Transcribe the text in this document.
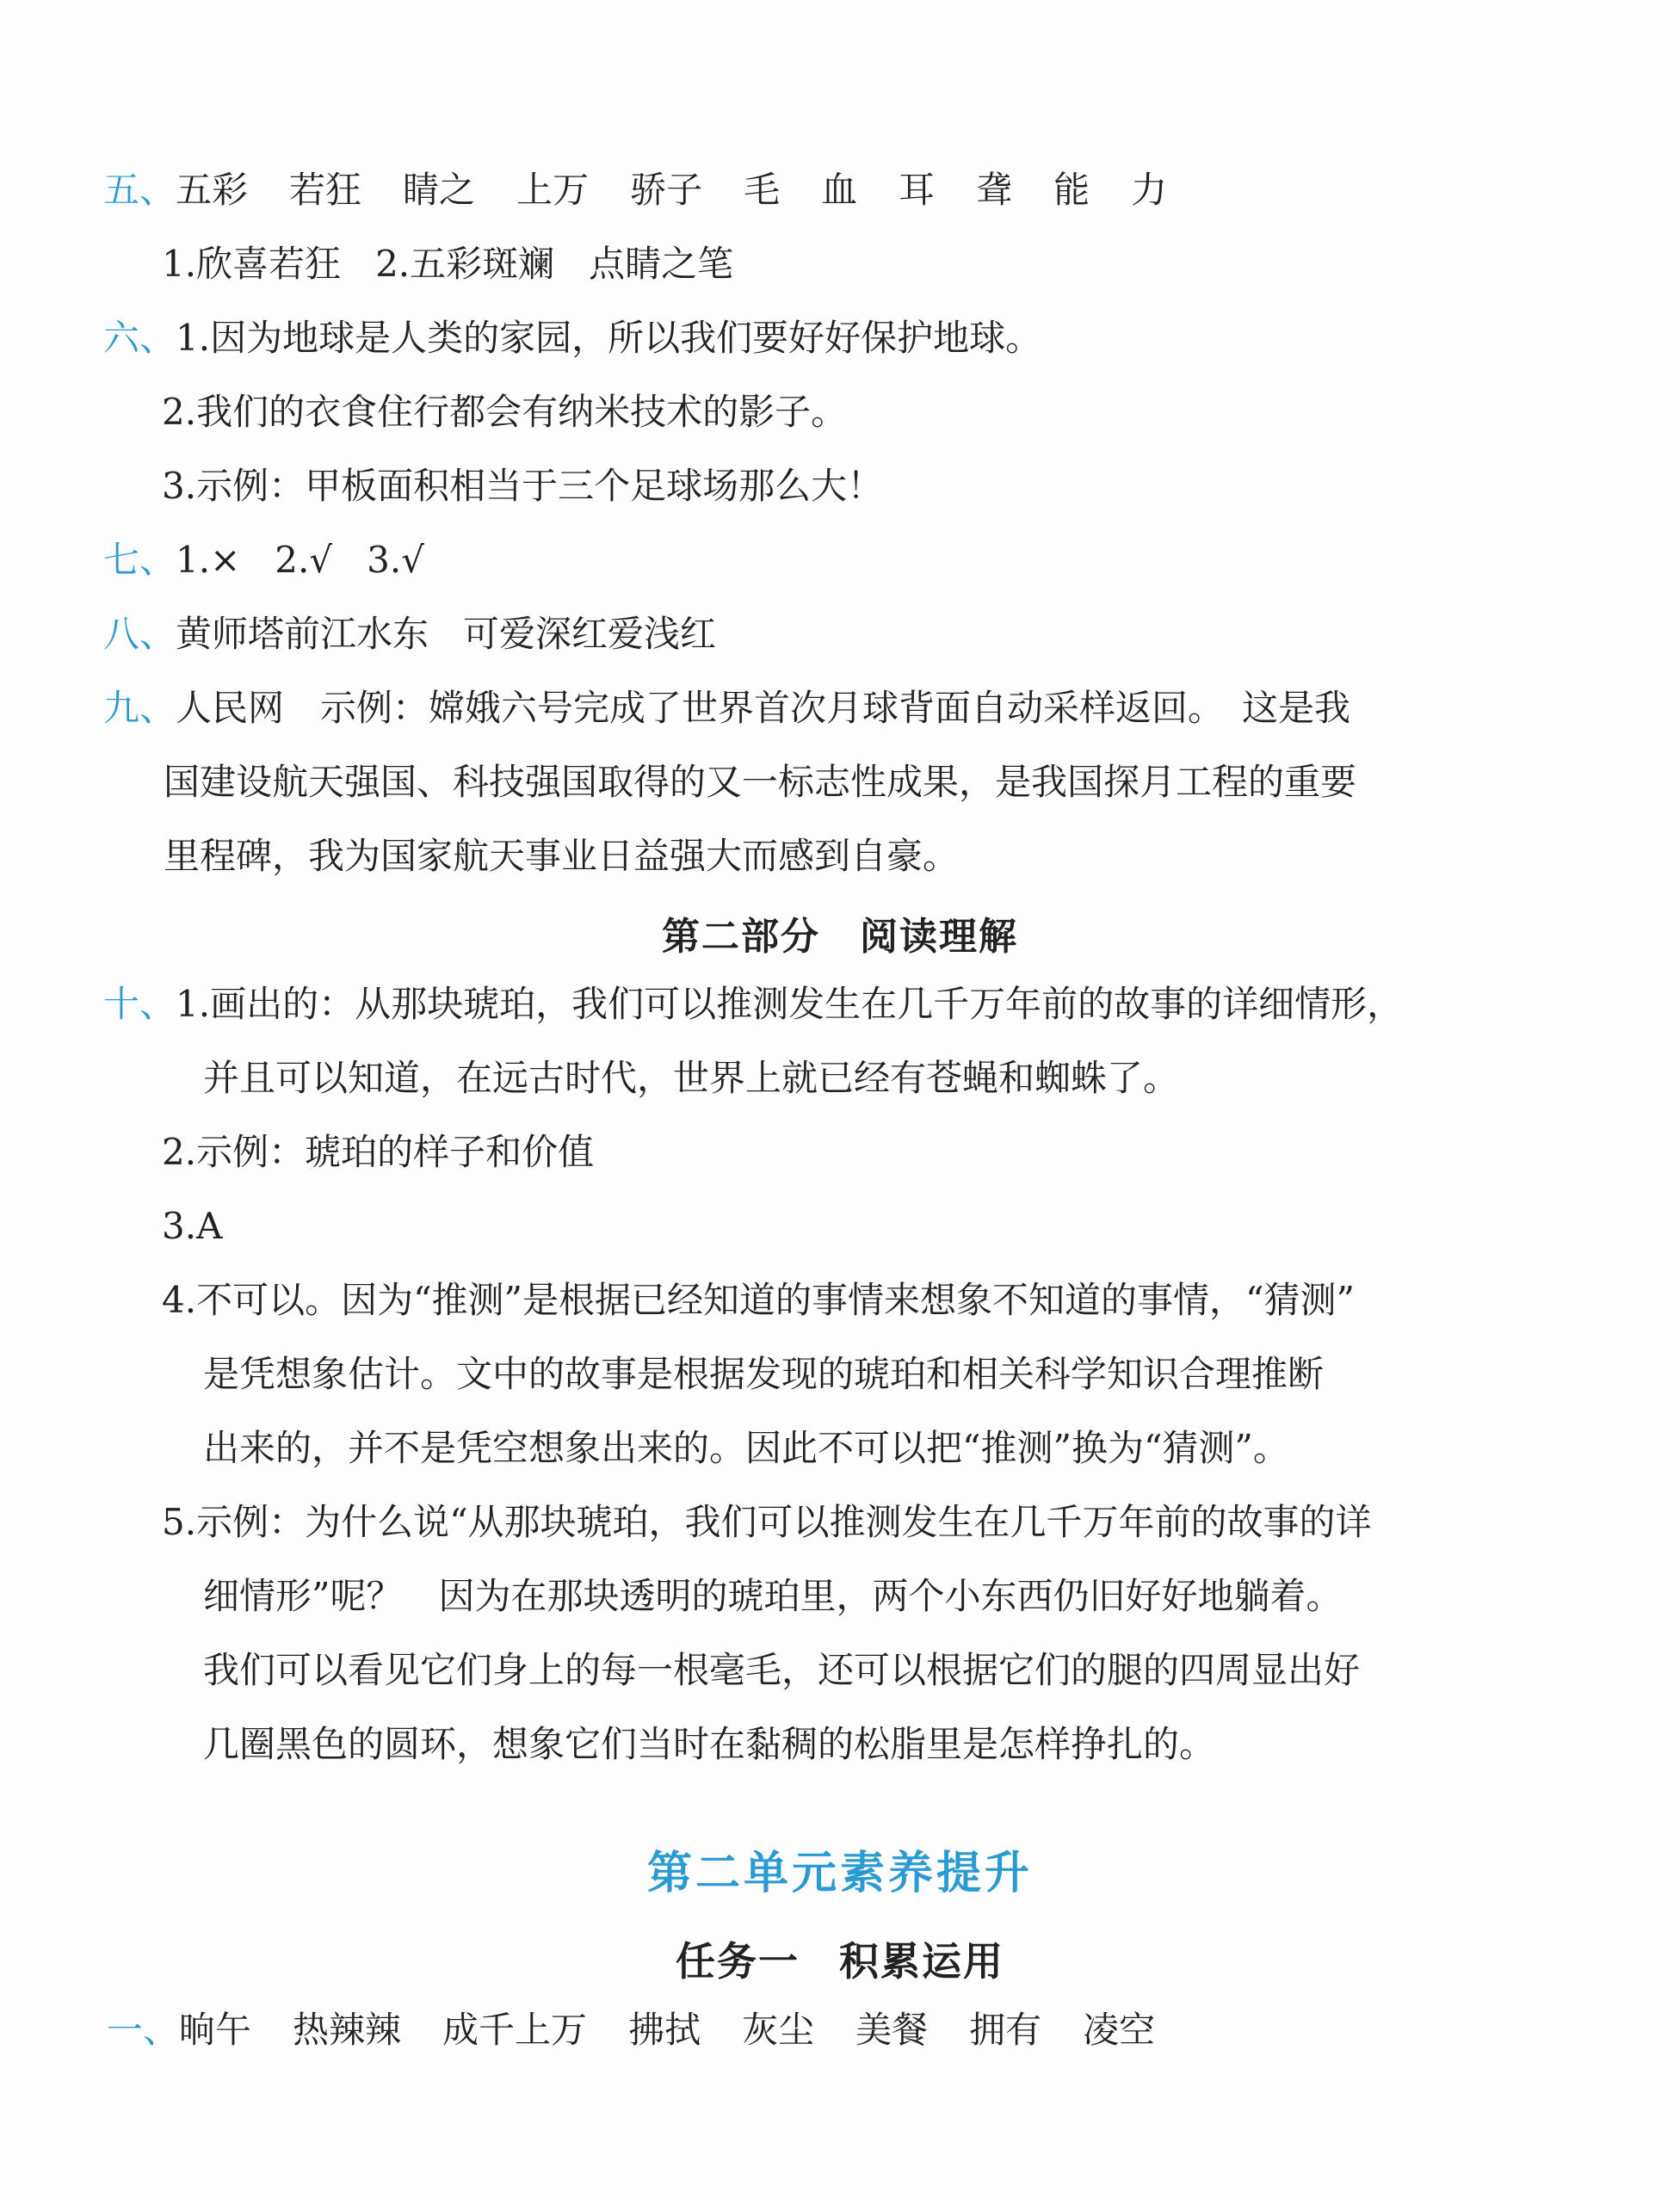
五、五彩 若狂 睛之 上万 骄子 毛 血 耳 聋 能 力
1.欣喜若狂 2.五彩斑斓 点睛之笔
六、1.因为地球是人类的家园，所以我们要好好保护地球。
2.我们的衣食住行都会有纳米技术的影子。
3.示例：甲板面积相当于三个足球场那么大！
七、1.× 2.√ 3.√
八、黄师塔前江水东 可爱深红爱浅红
九、人民网　示例：嫦娥六号完成了世界首次月球背面自动采样返回。　这是我
国建设航天强国、科技强国取得的又一标志性成果，是我国探月工程的重要
里程碑，我为国家航天事业日益强大而感到自豪。
第二部分 阅读理解
十、1.画出的：从那块琥珀，我们可以推测发生在几千万年前的故事的详细情形，
并且可以知道，在远古时代，世界上就已经有苍蝇和蜘蛛了。
2.示例：琥珀的样子和价值
3.A
4.不可以。因为“推测”是根据已经知道的事情来想象不知道的事情，“猜测”
是凭想象估计。文中的故事是根据发现的琥珀和相关科学知识合理推断
出来的，并不是凭空想象出来的。因此不可以把“推测”换为“猜测”。
5.示例：为什么说“从那块琥珀，我们可以推测发生在几千万年前的故事的详
细情形”呢？　因为在那块透明的琥珀里，两个小东西仍旧好好地躺着。
我们可以看见它们身上的每一根毫毛，还可以根据它们的腿的四周显出好
几圈黑色的圆环，想象它们当时在黏稠的松脂里是怎样挣扎的。
第二单元素养提升
任务一 积累运用
一、晌午 热辣辣 成千上万 拂拭 灰尘 美餐 拥有 凌空
